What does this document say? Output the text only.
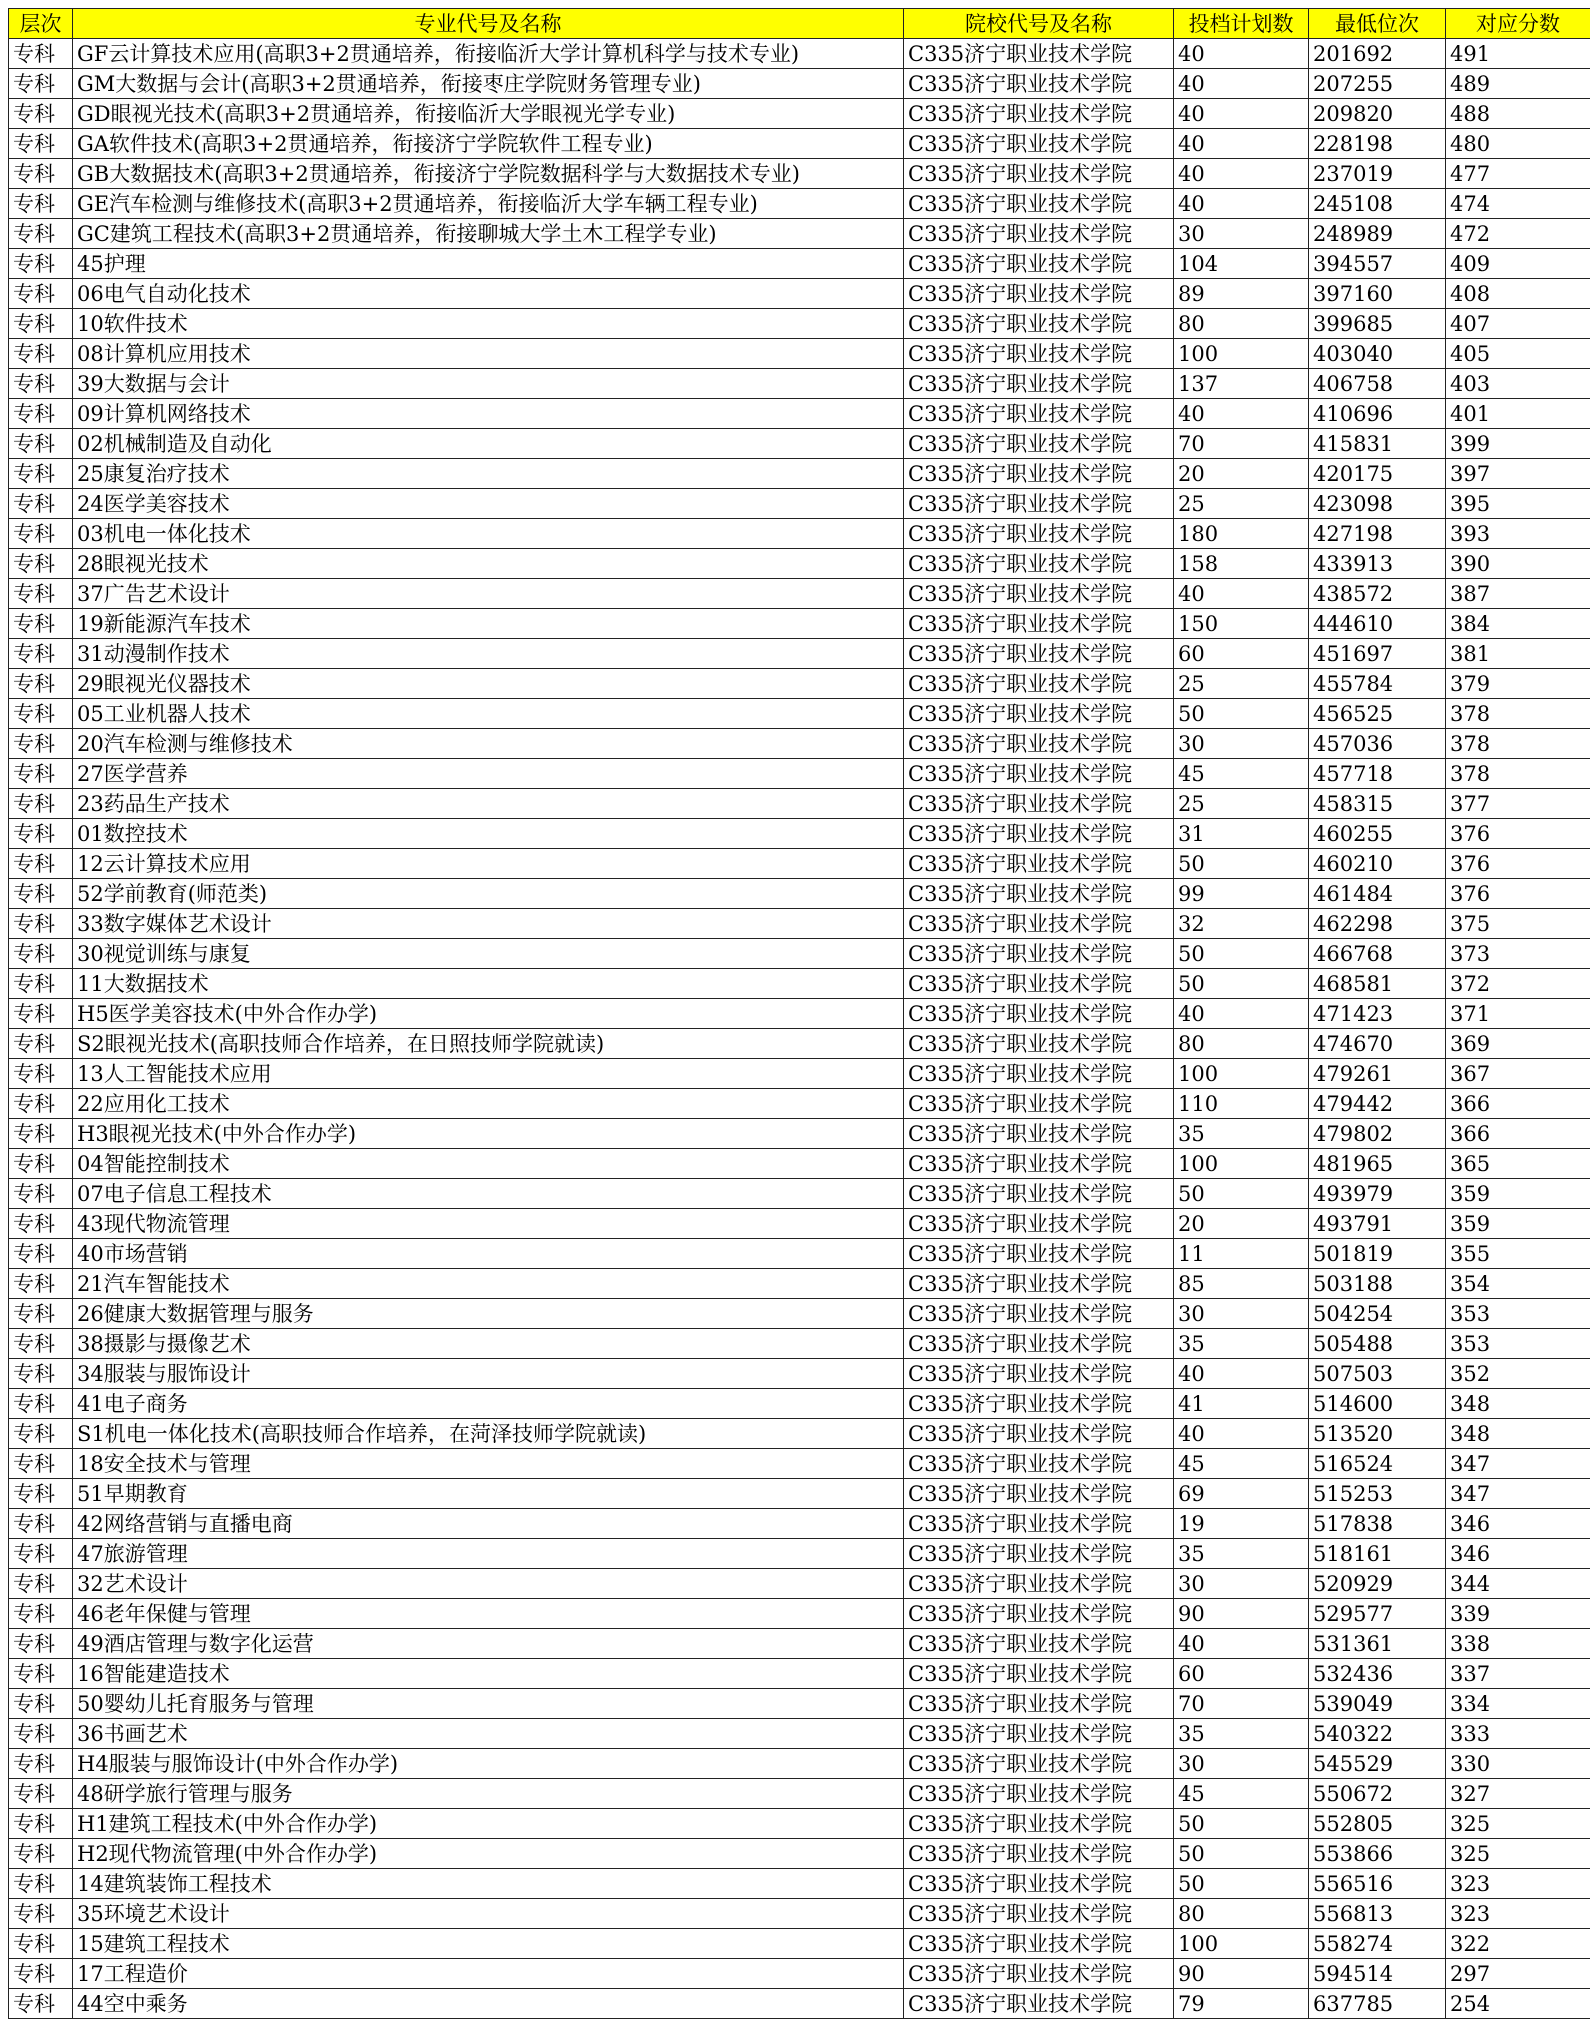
层次	专业代号及名称	院校代号及名称	投档计划数	最低位次	对应分数
专科	GF云计算技术应用(高职3+2贯通培养，衔接临沂大学计算机科学与技术专业)	C335济宁职业技术学院	40	201692	491
专科	GM大数据与会计(高职3+2贯通培养，衔接枣庄学院财务管理专业)	C335济宁职业技术学院	40	207255	489
专科	GD眼视光技术(高职3+2贯通培养，衔接临沂大学眼视光学专业)	C335济宁职业技术学院	40	209820	488
专科	GA软件技术(高职3+2贯通培养，衔接济宁学院软件工程专业)	C335济宁职业技术学院	40	228198	480
专科	GB大数据技术(高职3+2贯通培养，衔接济宁学院数据科学与大数据技术专业)	C335济宁职业技术学院	40	237019	477
专科	GE汽车检测与维修技术(高职3+2贯通培养，衔接临沂大学车辆工程专业)	C335济宁职业技术学院	40	245108	474
专科	GC建筑工程技术(高职3+2贯通培养，衔接聊城大学土木工程学专业)	C335济宁职业技术学院	30	248989	472
专科	45护理	C335济宁职业技术学院	104	394557	409
专科	06电气自动化技术	C335济宁职业技术学院	89	397160	408
专科	10软件技术	C335济宁职业技术学院	80	399685	407
专科	08计算机应用技术	C335济宁职业技术学院	100	403040	405
专科	39大数据与会计	C335济宁职业技术学院	137	406758	403
专科	09计算机网络技术	C335济宁职业技术学院	40	410696	401
专科	02机械制造及自动化	C335济宁职业技术学院	70	415831	399
专科	25康复治疗技术	C335济宁职业技术学院	20	420175	397
专科	24医学美容技术	C335济宁职业技术学院	25	423098	395
专科	03机电一体化技术	C335济宁职业技术学院	180	427198	393
专科	28眼视光技术	C335济宁职业技术学院	158	433913	390
专科	37广告艺术设计	C335济宁职业技术学院	40	438572	387
专科	19新能源汽车技术	C335济宁职业技术学院	150	444610	384
专科	31动漫制作技术	C335济宁职业技术学院	60	451697	381
专科	29眼视光仪器技术	C335济宁职业技术学院	25	455784	379
专科	05工业机器人技术	C335济宁职业技术学院	50	456525	378
专科	20汽车检测与维修技术	C335济宁职业技术学院	30	457036	378
专科	27医学营养	C335济宁职业技术学院	45	457718	378
专科	23药品生产技术	C335济宁职业技术学院	25	458315	377
专科	01数控技术	C335济宁职业技术学院	31	460255	376
专科	12云计算技术应用	C335济宁职业技术学院	50	460210	376
专科	52学前教育(师范类)	C335济宁职业技术学院	99	461484	376
专科	33数字媒体艺术设计	C335济宁职业技术学院	32	462298	375
专科	30视觉训练与康复	C335济宁职业技术学院	50	466768	373
专科	11大数据技术	C335济宁职业技术学院	50	468581	372
专科	H5医学美容技术(中外合作办学)	C335济宁职业技术学院	40	471423	371
专科	S2眼视光技术(高职技师合作培养，在日照技师学院就读)	C335济宁职业技术学院	80	474670	369
专科	13人工智能技术应用	C335济宁职业技术学院	100	479261	367
专科	22应用化工技术	C335济宁职业技术学院	110	479442	366
专科	H3眼视光技术(中外合作办学)	C335济宁职业技术学院	35	479802	366
专科	04智能控制技术	C335济宁职业技术学院	100	481965	365
专科	07电子信息工程技术	C335济宁职业技术学院	50	493979	359
专科	43现代物流管理	C335济宁职业技术学院	20	493791	359
专科	40市场营销	C335济宁职业技术学院	11	501819	355
专科	21汽车智能技术	C335济宁职业技术学院	85	503188	354
专科	26健康大数据管理与服务	C335济宁职业技术学院	30	504254	353
专科	38摄影与摄像艺术	C335济宁职业技术学院	35	505488	353
专科	34服装与服饰设计	C335济宁职业技术学院	40	507503	352
专科	41电子商务	C335济宁职业技术学院	41	514600	348
专科	S1机电一体化技术(高职技师合作培养，在菏泽技师学院就读)	C335济宁职业技术学院	40	513520	348
专科	18安全技术与管理	C335济宁职业技术学院	45	516524	347
专科	51早期教育	C335济宁职业技术学院	69	515253	347
专科	42网络营销与直播电商	C335济宁职业技术学院	19	517838	346
专科	47旅游管理	C335济宁职业技术学院	35	518161	346
专科	32艺术设计	C335济宁职业技术学院	30	520929	344
专科	46老年保健与管理	C335济宁职业技术学院	90	529577	339
专科	49酒店管理与数字化运营	C335济宁职业技术学院	40	531361	338
专科	16智能建造技术	C335济宁职业技术学院	60	532436	337
专科	50婴幼儿托育服务与管理	C335济宁职业技术学院	70	539049	334
专科	36书画艺术	C335济宁职业技术学院	35	540322	333
专科	H4服装与服饰设计(中外合作办学)	C335济宁职业技术学院	30	545529	330
专科	48研学旅行管理与服务	C335济宁职业技术学院	45	550672	327
专科	H1建筑工程技术(中外合作办学)	C335济宁职业技术学院	50	552805	325
专科	H2现代物流管理(中外合作办学)	C335济宁职业技术学院	50	553866	325
专科	14建筑装饰工程技术	C335济宁职业技术学院	50	556516	323
专科	35环境艺术设计	C335济宁职业技术学院	80	556813	323
专科	15建筑工程技术	C335济宁职业技术学院	100	558274	322
专科	17工程造价	C335济宁职业技术学院	90	594514	297
专科	44空中乘务	C335济宁职业技术学院	79	637785	254
